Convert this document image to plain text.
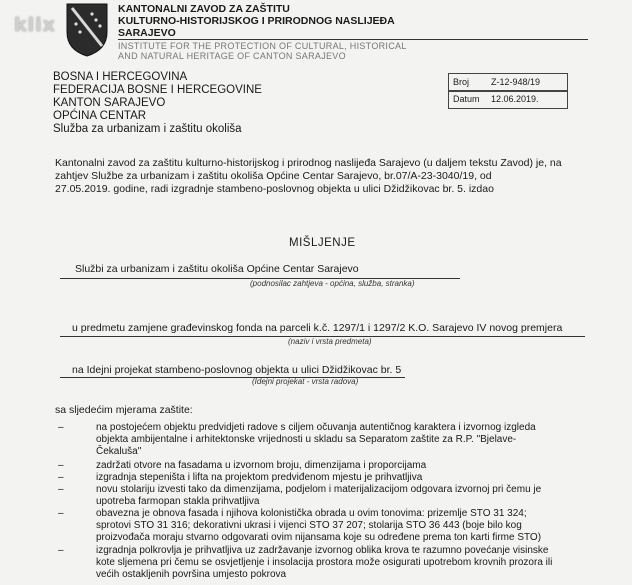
klix
KANTONALNI ZAVOD ZA ZAŠTITU
KULTURNO-HISTORIJSKOG I PRIRODNOG NASLIJEĐA
SARAJEVO
INSTITUTE FOR THE PROTECTION OF CULTURAL, HISTORICAL
AND NATURAL HERITAGE OF CANTON SARAJEVO
BOSNA I HERCEGOVINA
FEDERACIJA BOSNE I HERCEGOVINE
KANTON SARAJEVO
OPĆINA CENTAR
Služba za urbanizam i zaštitu okoliša
Broj Z-12-948/19
Datum 12.06.2019.
Kantonalni zavod za zaštitu kulturno-historijskog i prirodnog naslijeđa Sarajevo (u daljem tekstu Zavod) je, na
zahtjev Službe za urbanizam i zaštitu okoliša Općine Centar Sarajevo, br.07/A-23-3040/19, od
27.05.2019. godine, radi izgradnje stambeno-poslovnog objekta u ulici Džidžikovac br. 5. izdao
MIŠLJENJE
Službi za urbanizam i zaštitu okoliša Općine Centar Sarajevo
(podnosilac zahtjeva - općina, služba, stranka)
u predmetu zamjene građevinskog fonda na parceli k.č. 1297/1 i 1297/2 K.O. Sarajevo IV novog premjera
(naziv i vrsta predmeta)
na Idejni projekat stambeno-poslovnog objekta u ulici Džidžikovac br. 5
(Idejni projekat - vrsta radova)
sa sljedećim mjerama zaštite:
–	na postojećem objektu predvidjeti radove s ciljem očuvanja autentičnog karaktera i izvornog izgleda
objekta ambijentalne i arhitektonske vrijednosti u skladu sa Separatom zaštite za R.P. "Bjelave-
Čekaluša"
–	zadržati otvore na fasadama u izvornom broju, dimenzijama i proporcijama
–	izgradnja stepeništa i lifta na projektom predviđenom mjestu je prihvatljiva
–	novu stolariju izvesti tako da dimenzijama, podjelom i materijalizacijom odgovara izvornoj pri čemu je
upotreba farmopan stakla prihvatljiva
–	obavezna je obnova fasada i njihova kolonistička obrada u ovim tonovima: prizemlje STO 31 324;
sprotovi STO 31 316; dekorativni ukrasi i vijenci STO 37 207; stolarija STO 36 443 (boje bilo kog
proizvođača moraju stvarno odgovarati ovim nijansama koje su određene prema ton karti firme STO)
–	izgradnja polkrovlja je prihvatljiva uz zadržavanje izvornog oblika krova te razumno povećanje visinske
kote sljemena pri čemu se osvjetljenje i insolacija prostora može osigurati upotrebom krovnih prozora ili
većih ostakljenih površina umjesto pokrova
